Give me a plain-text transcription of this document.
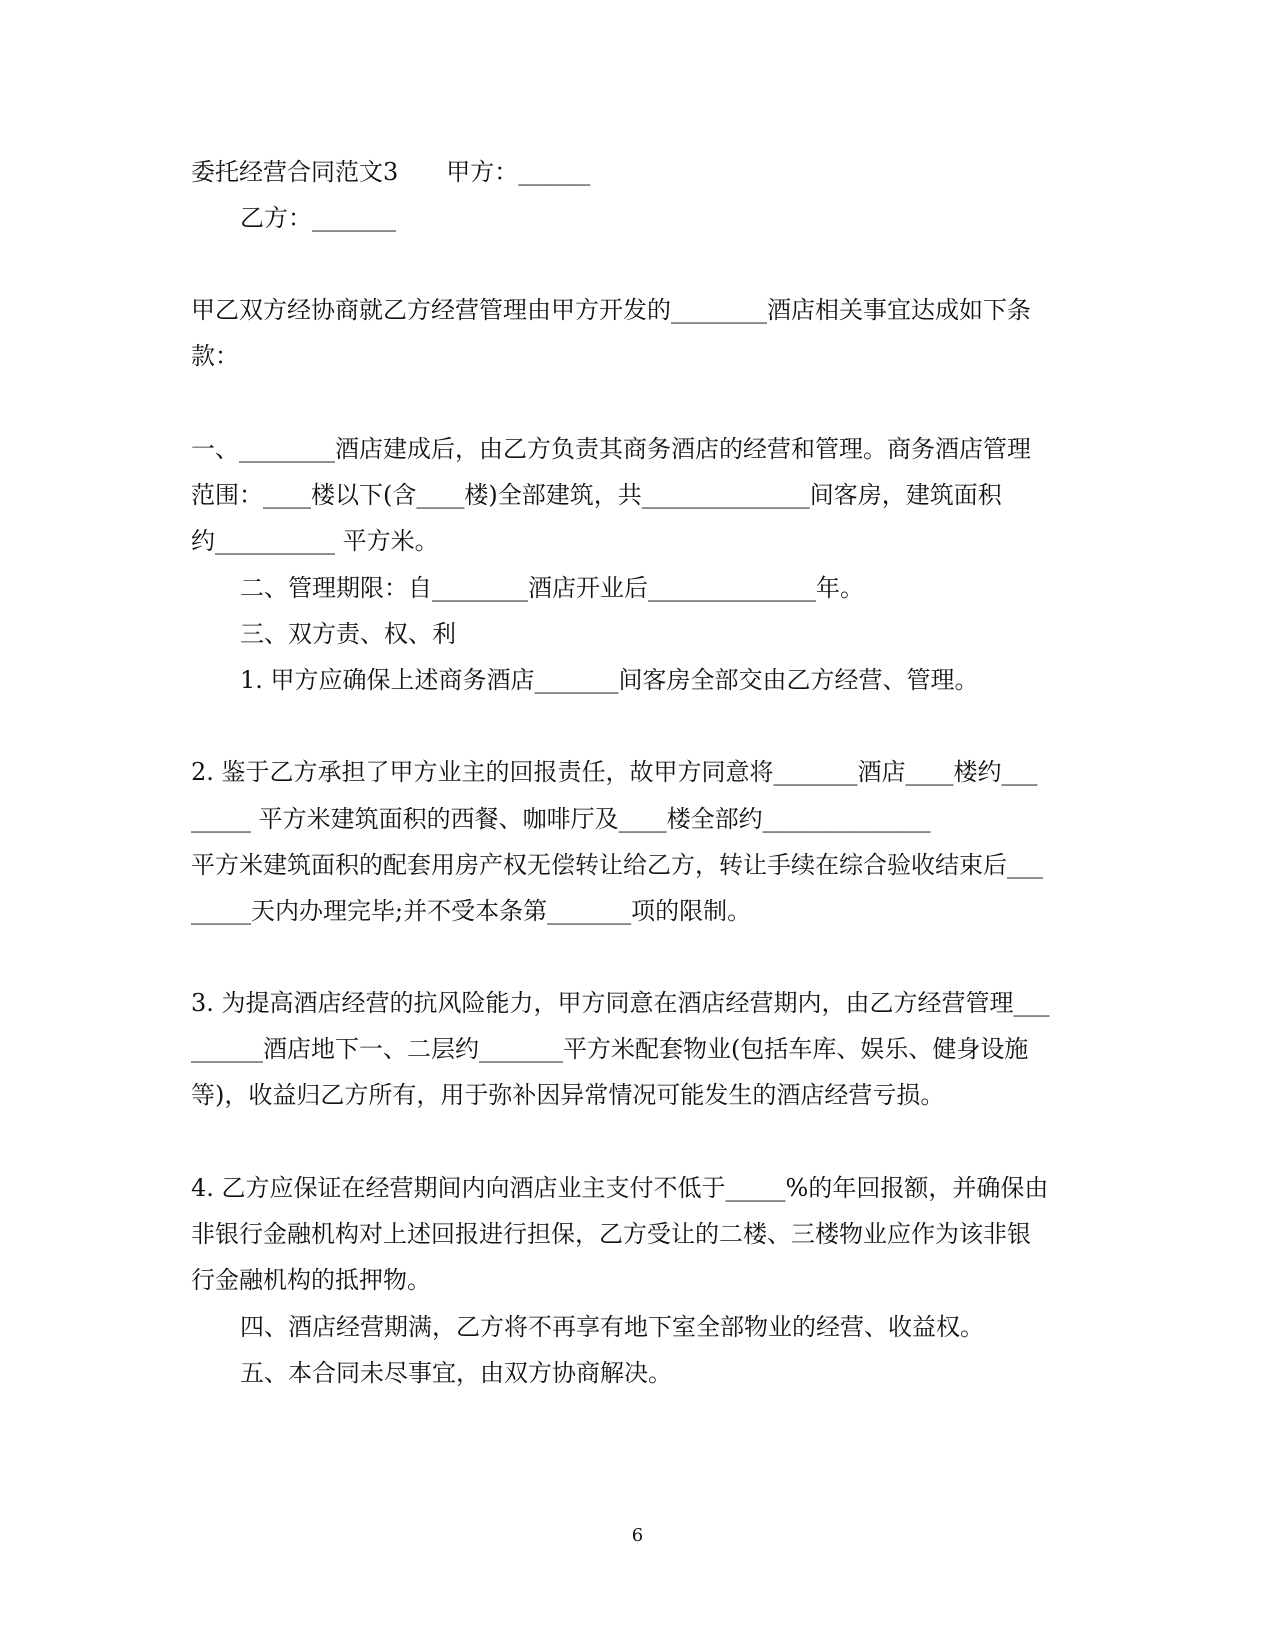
委托经营合同范文3　　甲方：______
乙方：_______
甲乙双方经协商就乙方经营管理由甲方开发的________酒店相关事宜达成如下条
款：
一、________酒店建成后，由乙方负责其商务酒店的经营和管理。商务酒店管理
范围：____楼以下(含____楼)全部建筑，共______________间客房，建筑面积
约__________ 平方米。
二、管理期限：自________酒店开业后______________年。
三、双方责、权、利
1. 甲方应确保上述商务酒店_______间客房全部交由乙方经营、管理。
2. 鉴于乙方承担了甲方业主的回报责任，故甲方同意将_______酒店____楼约___
_____ 平方米建筑面积的西餐、咖啡厅及____楼全部约______________
平方米建筑面积的配套用房产权无偿转让给乙方，转让手续在综合验收结束后___
_____天内办理完毕;并不受本条第_______项的限制。
3. 为提高酒店经营的抗风险能力，甲方同意在酒店经营期内，由乙方经营管理___
______酒店地下一、二层约_______平方米配套物业(包括车库、娱乐、健身设施
等)，收益归乙方所有，用于弥补因异常情况可能发生的酒店经营亏损。
4. 乙方应保证在经营期间内向酒店业主支付不低于_____%的年回报额，并确保由
非银行金融机构对上述回报进行担保，乙方受让的二楼、三楼物业应作为该非银
行金融机构的抵押物。
四、酒店经营期满，乙方将不再享有地下室全部物业的经营、收益权。
五、本合同未尽事宜，由双方协商解决。
6
